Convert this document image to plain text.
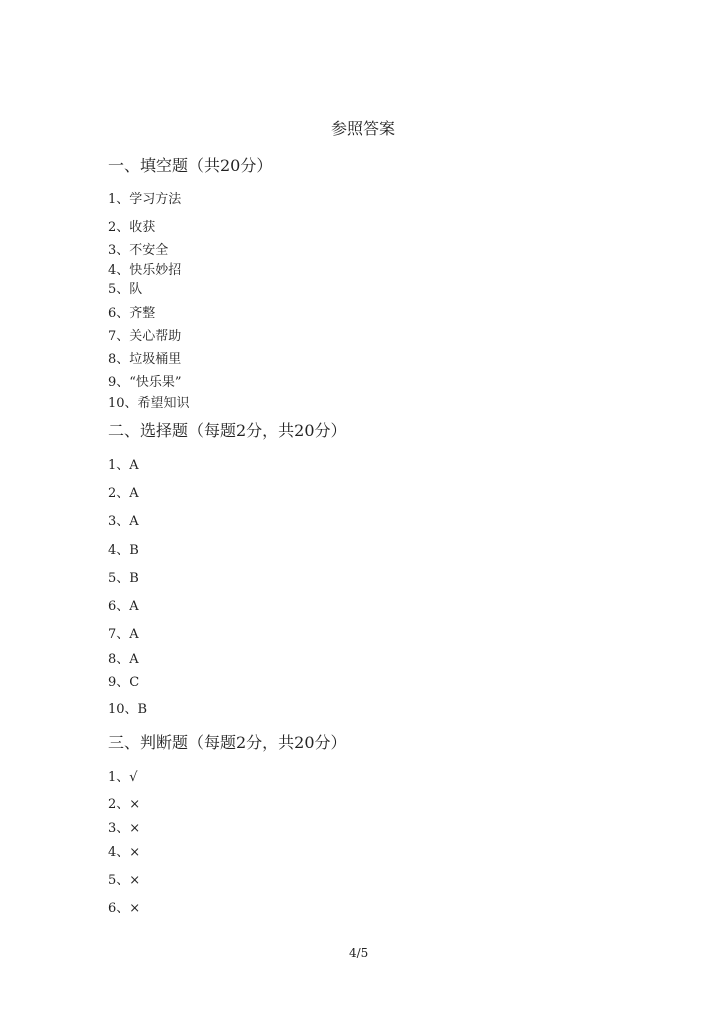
参照答案
一、填空题（共20分）
1、学习方法
2、收获
3、不安全
4、快乐妙招
5、队
6、齐整
7、关心帮助
8、垃圾桶里
9、“快乐果”
10、希望知识
二、选择题（每题2分，共20分）
1、A
2、A
3、A
4、B
5、B
6、A
7、A
8、A
9、C
10、B
三、判断题（每题2分，共20分）
1、√
2、×
3、×
4、×
5、×
6、×
4/5
